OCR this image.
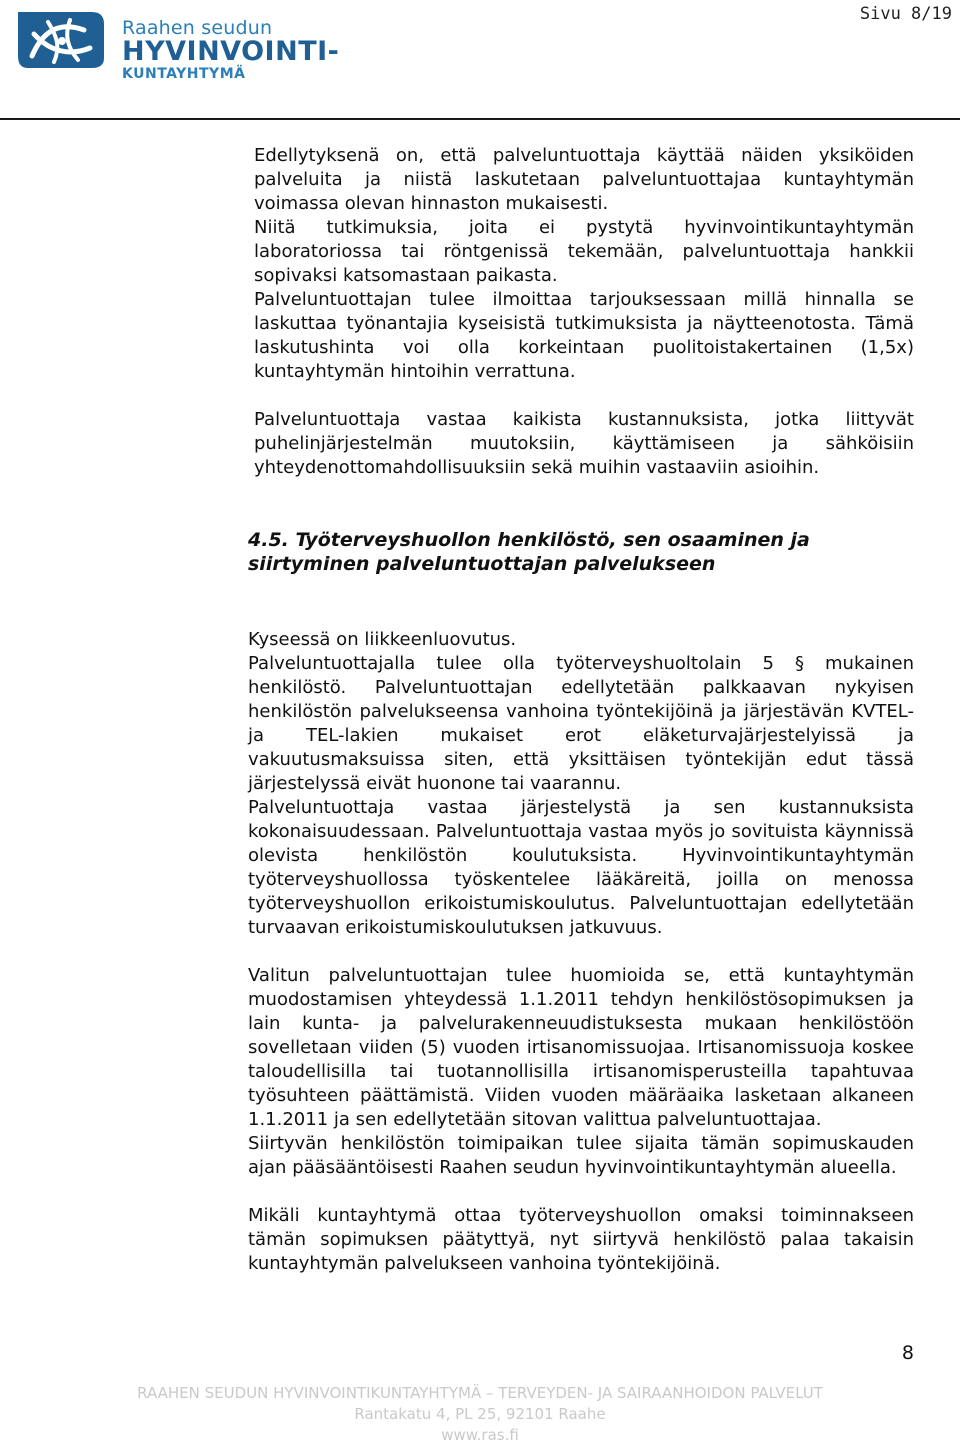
Sivu 8/19
Raahen seudun
HYVINVOINTI-
KUNTAYHTYMÄ

Edellytyksenä on, että palveluntuottaja käyttää näiden yksiköiden palveluita ja niistä laskutetaan palveluntuottajaa kuntayhtymän voimassa olevan hinnaston mukaisesti.

Niitä tutkimuksia, joita ei pystytä hyvinvointikuntayhtymän laboratoriossa tai röntgenissä tekemään, palveluntuottaja hankkii sopivaksi katsomastaan paikasta.

Palveluntuottajan tulee ilmoittaa tarjouksessaan millä hinnalla se laskuttaa työnantajia kyseisistä tutkimuksista ja näytteenotosta. Tämä laskutushinta voi olla korkeintaan puolitoistakertainen (1,5x) kuntayhtymän hintoihin verrattuna.

Palveluntuottaja vastaa kaikista kustannuksista, jotka liittyvät puhelinjärjestelmän muutoksiin, käyttämiseen ja sähköisiin yhteydenottomahdollisuuksiin sekä muihin vastaaviin asioihin.

4.5. Työterveyshuollon henkilöstö, sen osaaminen ja siirtyminen palveluntuottajan palvelukseen

Kyseessä on liikkeenluovutus.

Palveluntuottajalla tulee olla työterveyshuoltolain 5 § mukainen henkilöstö. Palveluntuottajan edellytetään palkkaavan nykyisen henkilöstön palvelukseensa vanhoina työntekijöinä ja järjestävän KVTEL- ja TEL-lakien mukaiset erot eläketurvajärjestelyissä ja vakuutusmaksuissa siten, että yksittäisen työntekijän edut tässä järjestelyssä eivät huonone tai vaarannu.

Palveluntuottaja vastaa järjestelystä ja sen kustannuksista kokonaisuudessaan. Palveluntuottaja vastaa myös jo sovituista käynnissä olevista henkilöstön koulutuksista. Hyvinvointikuntayhtymän työterveyshuollossa työskentelee lääkäreitä, joilla on menossa työterveyshuollon erikoistumiskoulutus. Palveluntuottajan edellytetään turvaavan erikoistumiskoulutuksen jatkuvuus.

Valitun palveluntuottajan tulee huomioida se, että kuntayhtymän muodostamisen yhteydessä 1.1.2011 tehdyn henkilöstösopimuksen ja lain kunta- ja palvelurakenneuudistuksesta mukaan henkilöstöön sovelletaan viiden (5) vuoden irtisanomissuojaa. Irtisanomissuoja koskee taloudellisilla tai tuotannollisilla irtisanomisperusteilla tapahtuvaa työsuhteen päättämistä. Viiden vuoden määräaika lasketaan alkaneen 1.1.2011 ja sen edellytetään sitovan valittua palveluntuottajaa.

Siirtyvän henkilöstön toimipaikan tulee sijaita tämän sopimuskauden ajan pääsääntöisesti Raahen seudun hyvinvointikuntayhtymän alueella.

Mikäli kuntayhtymä ottaa työterveyshuollon omaksi toiminnakseen tämän sopimuksen päätyttyä, nyt siirtyvä henkilöstö palaa takaisin kuntayhtymän palvelukseen vanhoina työntekijöinä.

8
RAAHEN SEUDUN HYVINVOINTIKUNTAYHTYMÄ – TERVEYDEN- JA SAIRAANHOIDON PALVELUT
Rantakatu 4, PL 25, 92101 Raahe
www.ras.fi
